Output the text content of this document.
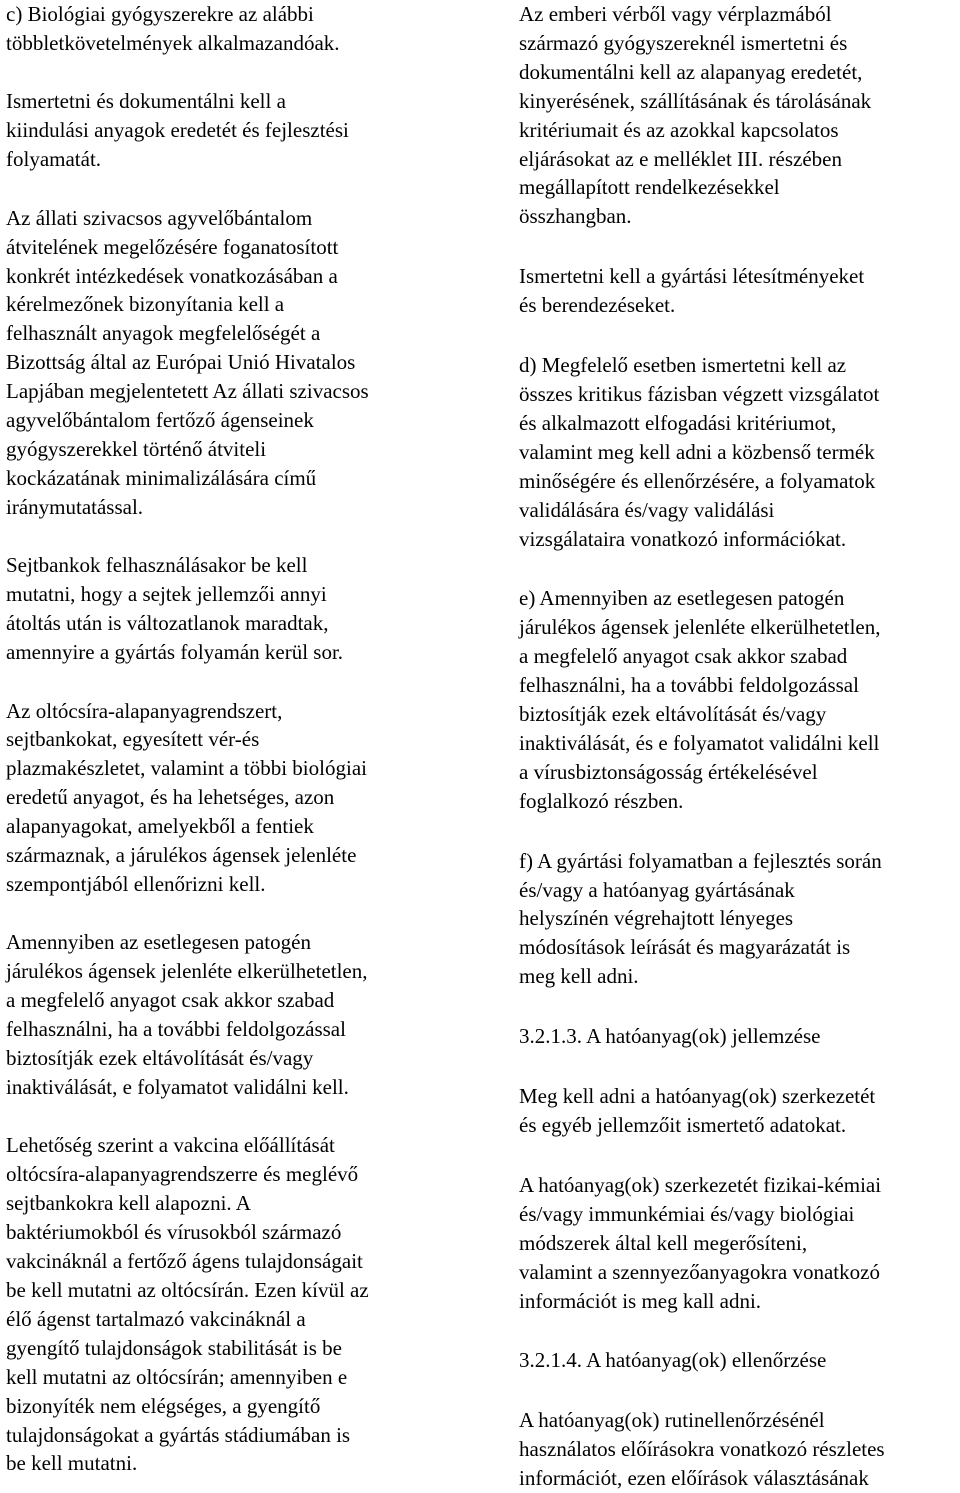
c) Biológiai gyógyszerekre az alábbi
többletkövetelmények alkalmazandóak.

Ismertetni és dokumentálni kell a
kiindulási anyagok eredetét és fejlesztési
folyamatát.

Az állati szivacsos agyvelőbántalom
átvitelének megelőzésére foganatosított
konkrét intézkedések vonatkozásában a
kérelmezőnek bizonyítania kell a
felhasznált anyagok megfelelőségét a
Bizottság által az Európai Unió Hivatalos
Lapjában megjelentetett Az állati szivacsos
agyvelőbántalom fertőző ágenseinek
gyógyszerekkel történő átviteli
kockázatának minimalizálására című
iránymutatással.

Sejtbankok felhasználásakor be kell
mutatni, hogy a sejtek jellemzői annyi
átoltás után is változatlanok maradtak,
amennyire a gyártás folyamán kerül sor.

Az oltócsíra-alapanyagrendszert,
sejtbankokat, egyesített vér-és
plazmakészletet, valamint a többi biológiai
eredetű anyagot, és ha lehetséges, azon
alapanyagokat, amelyekből a fentiek
származnak, a járulékos ágensek jelenléte
szempontjából ellenőrizni kell.

Amennyiben az esetlegesen patogén
járulékos ágensek jelenléte elkerülhetetlen,
a megfelelő anyagot csak akkor szabad
felhasználni, ha a további feldolgozással
biztosítják ezek eltávolítását és/vagy
inaktiválását, e folyamatot validálni kell.

Lehetőség szerint a vakcina előállítását
oltócsíra-alapanyagrendszerre és meglévő
sejtbankokra kell alapozni. A
baktériumokból és vírusokból származó
vakcináknál a fertőző ágens tulajdonságait
be kell mutatni az oltócsírán. Ezen kívül az
élő ágenst tartalmazó vakcináknál a
gyengítő tulajdonságok stabilitását is be
kell mutatni az oltócsírán; amennyiben e
bizonyíték nem elégséges, a gyengítő
tulajdonságokat a gyártás stádiumában is
be kell mutatni.

Az emberi vérből vagy vérplazmából
származó gyógyszereknél ismertetni és
dokumentálni kell az alapanyag eredetét,
kinyerésének, szállításának és tárolásának
kritériumait és az azokkal kapcsolatos
eljárásokat az e melléklet III. részében
megállapított rendelkezésekkel
összhangban.

Ismertetni kell a gyártási létesítményeket
és berendezéseket.

d) Megfelelő esetben ismertetni kell az
összes kritikus fázisban végzett vizsgálatot
és alkalmazott elfogadási kritériumot,
valamint meg kell adni a közbenső termék
minőségére és ellenőrzésére, a folyamatok
validálására és/vagy validálási
vizsgálataira vonatkozó információkat.

e) Amennyiben az esetlegesen patogén
járulékos ágensek jelenléte elkerülhetetlen,
a megfelelő anyagot csak akkor szabad
felhasználni, ha a további feldolgozással
biztosítják ezek eltávolítását és/vagy
inaktiválását, és e folyamatot validálni kell
a vírusbiztonságosság értékelésével
foglalkozó részben.

f) A gyártási folyamatban a fejlesztés során
és/vagy a hatóanyag gyártásának
helyszínén végrehajtott lényeges
módosítások leírását és magyarázatát is
meg kell adni.

3.2.1.3. A hatóanyag(ok) jellemzése

Meg kell adni a hatóanyag(ok) szerkezetét
és egyéb jellemzőit ismertető adatokat.

A hatóanyag(ok) szerkezetét fizikai-kémiai
és/vagy immunkémiai és/vagy biológiai
módszerek által kell megerősíteni,
valamint a szennyezőanyagokra vonatkozó
információt is meg kall adni.

3.2.1.4. A hatóanyag(ok) ellenőrzése

A hatóanyag(ok) rutinellenőrzésénél
használatos előírásokra vonatkozó részletes
információt, ezen előírások választásának
